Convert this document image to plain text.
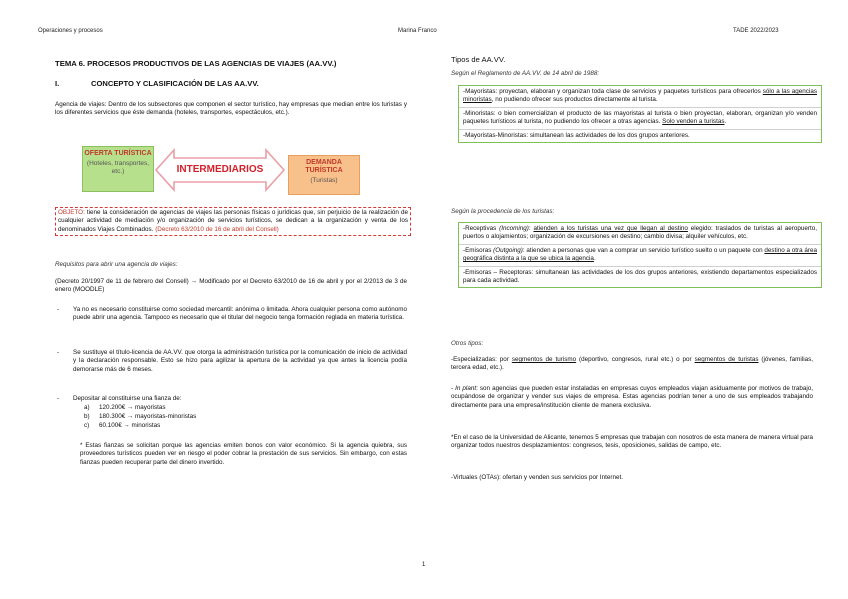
Operaciones y procesos	Marina Franco	TADE 2022/2023
TEMA 6. PROCESOS PRODUCTIVOS DE LAS AGENCIAS DE VIAJES (AA.VV.)
I.	CONCEPTO Y CLASIFICACIÓN DE LAS AA.VV.
Agencia de viajes: Dentro de los subsectores que componen el sector turístico, hay empresas que median entre los turistas y los diferentes servicios que éste demanda (hoteles, transportes, espectáculos, etc.).
OFERTA TURÍSTICA
(Hoteles, transportes, etc.)	INTERMEDIARIOS
DEMANDA TURÍSTICA
(Turistas)
OBJETO: tiene la consideración de agencias de viajes las personas físicas o jurídicas que, sin perjuicio de la realización de cualquier actividad de mediación y/o organización de servicios turísticos, se dedican a la organización y venta de los denominados Viajes Combinados. (Decreto 63/2010 de 16 de abril del Consell)
Requisitos para abrir una agencia de viajes:
(Decreto 20/1997 de 11 de febrero del Consell) → Modificado por el Decreto 63/2010 de 16 de abril y por el 2/2013 de 3 de enero (MOODLE)
- Ya no es necesario constituirse como sociedad mercantil: anónima o limitada. Ahora cualquier persona como autónomo puede abrir una agencia. Tampoco es necesario que el titular del negocio tenga formación reglada en materia turística.
- Se sustituye el título-licencia de AA.VV. que otorga la administración turística por la comunicación de inicio de actividad y la declaración responsable. Esto se hizo para agilizar la apertura de la actividad ya que antes la licencia podía demorarse más de 6 meses.
- Depositar al constituirse una fianza de:
a) 120.200€ → mayoristas
b) 180.300€ → mayoristas-minoristas
c) 60.100€ → minoristas
* Estas fianzas se solicitan porque las agencias emiten bonos con valor económico. Si la agencia quiebra, sus proveedores turísticos pueden ver en riesgo el poder cobrar la prestación de sus servicios. Sin embargo, con estas fianzas pueden recuperar parte del dinero invertido.
Tipos de AA.VV.
Según el Reglamento de AA.VV. de 14 abril de 1988:
-Mayoristas: proyectan, elaboran y organizan toda clase de servicios y paquetes turísticos para ofrecerlos sólo a las agencias minoristas, no pudiendo ofrecer sus productos directamente al turista.
-Minoristas: o bien comercializan el producto de las mayoristas al turista o bien proyectan, elaboran, organizan y/o venden paquetes turísticos al turista, no pudiendo los ofrecer a otras agencias. Solo venden a turistas.
-Mayoristas-Minoristas: simultanean las actividades de los dos grupos anteriores.
Según la procedencia de los turistas:
-Receptivas (Incoming): atienden a los turistas una vez que llegan al destino elegido: traslados de turistas al aeropuerto, puertos o alojamientos; organización de excursiones en destino; cambio divisa; alquiler vehículos, etc.
-Emisoras (Outgoing): atienden a personas que van a comprar un servicio turístico suelto o un paquete con destino a otra área geográfica distinta a la que se ubica la agencia.
-Emisoras – Receptoras: simultanean las actividades de los dos grupos anteriores, existiendo departamentos especializados para cada actividad.
Otros tipos:
-Especializadas: por segmentos de turismo (deportivo, congresos, rural etc.) o por segmentos de turistas (jóvenes, familias, tercera edad, etc.).
- In plant: son agencias que pueden estar instaladas en empresas cuyos empleados viajan asiduamente por motivos de trabajo, ocupándose de organizar y vender sus viajes de empresa. Estas agencias podrían tener a uno de sus empleados trabajando directamente para una empresa/institución cliente de manera exclusiva.
*En el caso de la Universidad de Alicante, tenemos 5 empresas que trabajan con nosotros de esta manera de manera virtual para organizar todos nuestros desplazamientos: congresos, tesis, oposiciones, salidas de campo, etc.
-Virtuales (OTAs): ofertan y venden sus servicios por Internet.
1
